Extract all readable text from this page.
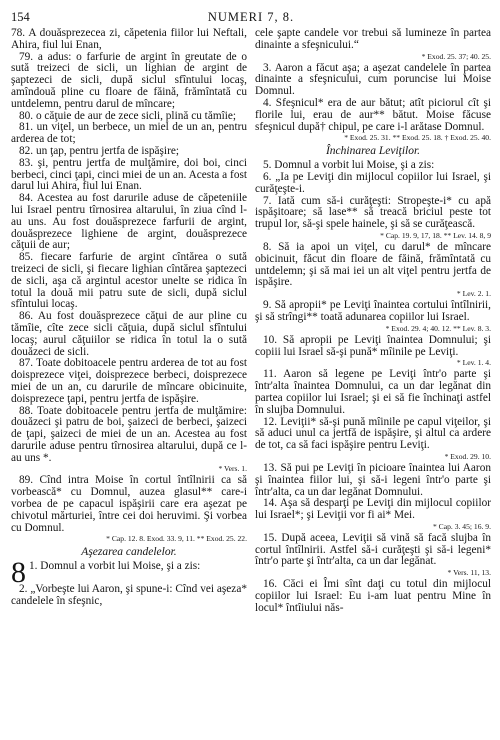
154	NUMERI 7, 8.

78. A douăsprezecea zi, căpetenia fiilor lui Neftali, Ahira, fiul lui Enan,

79. a adus: o farfurie de argint în greutate de o sută treizeci de sicli, un lighian de argint de şaptezeci de sicli, după siclul sfîntului locaş, amîndouă pline cu floare de făină, frămîntată cu untdelemn, pentru darul de mîncare;

80. o căţuie de aur de zece sicli, plină cu tămîie;

81. un viţel, un berbece, un miel de un an, pentru arderea de tot;

82. un ţap, pentru jertfa de ispăşire;

83. şi, pentru jertfa de mulţămire, doi boi, cinci berbeci, cinci ţapi, cinci miei de un an. Acesta a fost darul lui Ahira, fiul lui Enan.

84. Acestea au fost darurile aduse de căpeteniile lui Israel pentru tîrnosirea altarului, în ziua cînd l-au uns. Au fost douăsprezece farfurii de argint, douăsprezece lighiene de argint, douăsprezece căţuii de aur;

85. fiecare farfurie de argint cîntărea o sută treizeci de sicli, şi fiecare lighian cîntărea şaptezeci de sicli, aşa că argintul acestor unelte se ridica în totul la două mii patru sute de sicli, după siclul sfîntului locaş.

86. Au fost douăsprezece căţui de aur pline cu tămîie, cîte zece sicli căţuia, după siclul sfîntului locaş; aurul căţuiilor se ridica în totul la o sută douăzeci de sicli.

87. Toate dobitoacele pentru arderea de tot au fost doisprezece viţei, doisprezece berbeci, doisprezece miei de un an, cu darurile de mîncare obicinuite, doisprezece ţapi, pentru jertfa de ispăşire.

88. Toate dobitoacele pentru jertfa de mulţămire: douăzeci şi patru de boi, şaizeci de berbeci, şaizeci de ţapi, şaizeci de miei de un an. Acestea au fost darurile aduse pentru tîrnosirea altarului, după ce l-au uns *.

* Vers. 1.

89. Cînd intra Moise în cortul întîlnirii ca să vorbească* cu Domnul, auzea glasul** care-i vorbea de pe capacul ispăşirii care era aşezat pe chivotul mărturiei, între cei doi heruvimi. Şi vorbea cu Domnul.

* Cap. 12. 8. Exod. 33. 9, 11. ** Exod. 25. 22.
Aşezarea candelelor.

8 1. Domnul a vorbit lui Moise, şi a zis:

2. „Vorbeşte lui Aaron, şi spune-i: Cînd vei aşeza* candelele în sfeşnic,

cele şapte candele vor trebui să lumineze în partea dinainte a sfeşnicului.“

* Exod. 25. 37; 40. 25.

3. Aaron a făcut aşa; a aşezat candelele în partea dinainte a sfeşnicului, cum poruncise lui Moise Domnul.

4. Sfeşnicul* era de aur bătut; atît piciorul cît şi florile lui, erau de aur** bătut. Moise făcuse sfeşnicul după† chipul, pe care i-l arătase Domnul.

* Exod. 25. 31. ** Exod. 25. 18. † Exod. 25. 40.
Închinarea Leviţilor.

5. Domnul a vorbit lui Moise, şi a zis:

6. „Ia pe Leviţi din mijlocul copiilor lui Israel, şi curăţeşte-i.

7. Iată cum să-i curăţeşti: Stropeşte-i* cu apă ispăşitoare; să lase** să treacă briciul peste tot trupul lor, să-şi spele hainele, şi să se curăţească.

* Cap. 19. 9, 17, 18. ** Lev. 14. 8, 9

8. Să ia apoi un viţel, cu darul* de mîncare obicinuit, făcut din floare de făină, frămîntată cu untdelemn; şi să mai iei un alt viţel pentru jertfa de ispăşire.

* Lev. 2. 1.

9. Să apropii* pe Leviţi înaintea cortului întîlnirii, şi să strîngi** toată adunarea copiilor lui Israel.

* Exod. 29. 4; 40. 12. ** Lev. 8. 3.

10. Să apropii pe Leviţi înaintea Domnului; şi copiii lui Israel să-şi pună* mîinile pe Leviţi.

* Lev. 1. 4.

11. Aaron să legene pe Leviţi într'o parte şi într'alta înaintea Domnului, ca un dar legănat din partea copiilor lui Israel; şi ei să fie închinaţi astfel în slujba Domnului.

12. Leviţii* să-şi pună mîinile pe capul viţeilor, şi să aduci unul ca jertfă de ispăşire, şi altul ca ardere de tot, ca să faci ispăşire pentru Leviţi.

* Exod. 29. 10.

13. Să pui pe Leviţi în picioare înaintea lui Aaron şi înaintea fiilor lui, şi să-i legeni într'o parte şi într'alta, ca un dar legănat Domnului.

14. Aşa să desparţi pe Leviţi din mijlocul copiilor lui Israel*; şi Leviţii vor fi ai* Mei.

* Cap. 3. 45; 16. 9.

15. După aceea, Leviţii să vină să facă slujba în cortul întîlnirii. Astfel să-i curăţeşti şi să-i legeni* într'o parte şi într'alta, ca un dar legănat.

* Vers. 11, 13.

16. Căci ei Îmi sînt daţi cu totul din mijlocul copiilor lui Israel: Eu i-am luat pentru Mine în locul* întîiului năs-
